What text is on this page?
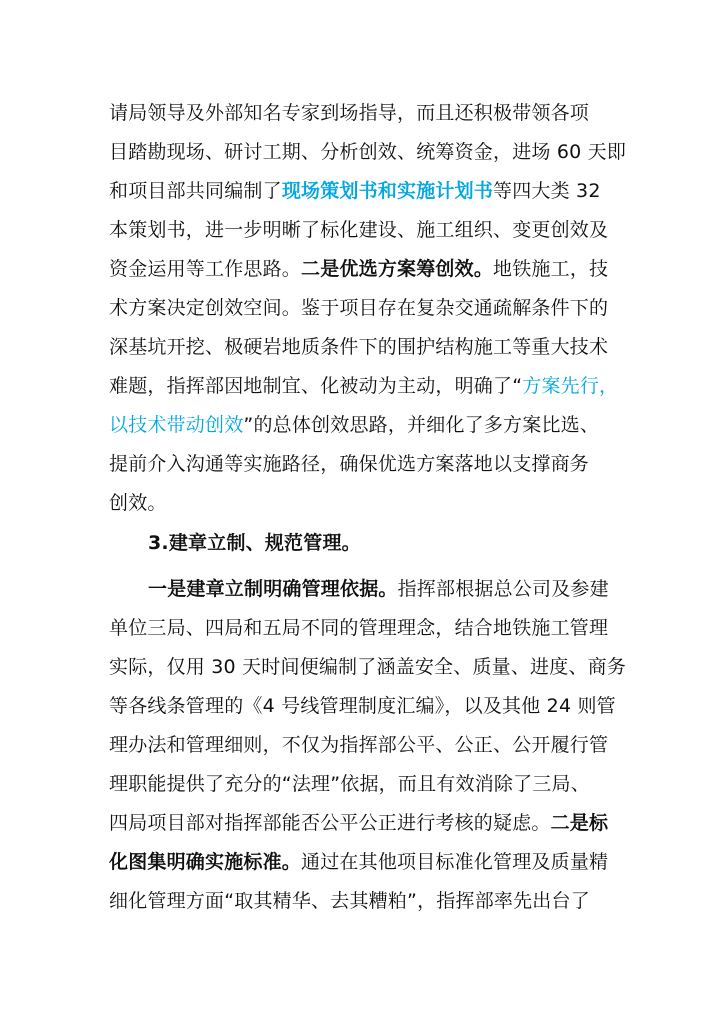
请局领导及外部知名专家到场指导，而且还积极带领各项
目踏勘现场、研讨工期、分析创效、统筹资金，进场 60 天即
和项目部共同编制了现场策划书和实施计划书等四大类 32
本策划书，进一步明晰了标化建设、施工组织、变更创效及
资金运用等工作思路。二是优选方案筹创效。地铁施工，技
术方案决定创效空间。鉴于项目存在复杂交通疏解条件下的
深基坑开挖、极硬岩地质条件下的围护结构施工等重大技术
难题，指挥部因地制宜、化被动为主动，明确了“方案先行，
以技术带动创效”的总体创效思路，并细化了多方案比选、
提前介入沟通等实施路径，确保优选方案落地以支撑商务
创效。
3.建章立制、规范管理。
一是建章立制明确管理依据。指挥部根据总公司及参建
单位三局、四局和五局不同的管理理念，结合地铁施工管理
实际，仅用 30 天时间便编制了涵盖安全、质量、进度、商务
等各线条管理的《4 号线管理制度汇编》，以及其他 24 则管
理办法和管理细则，不仅为指挥部公平、公正、公开履行管
理职能提供了充分的“法理”依据，而且有效消除了三局、
四局项目部对指挥部能否公平公正进行考核的疑虑。二是标
化图集明确实施标准。通过在其他项目标准化管理及质量精
细化管理方面“取其精华、去其糟粕”，指挥部率先出台了
